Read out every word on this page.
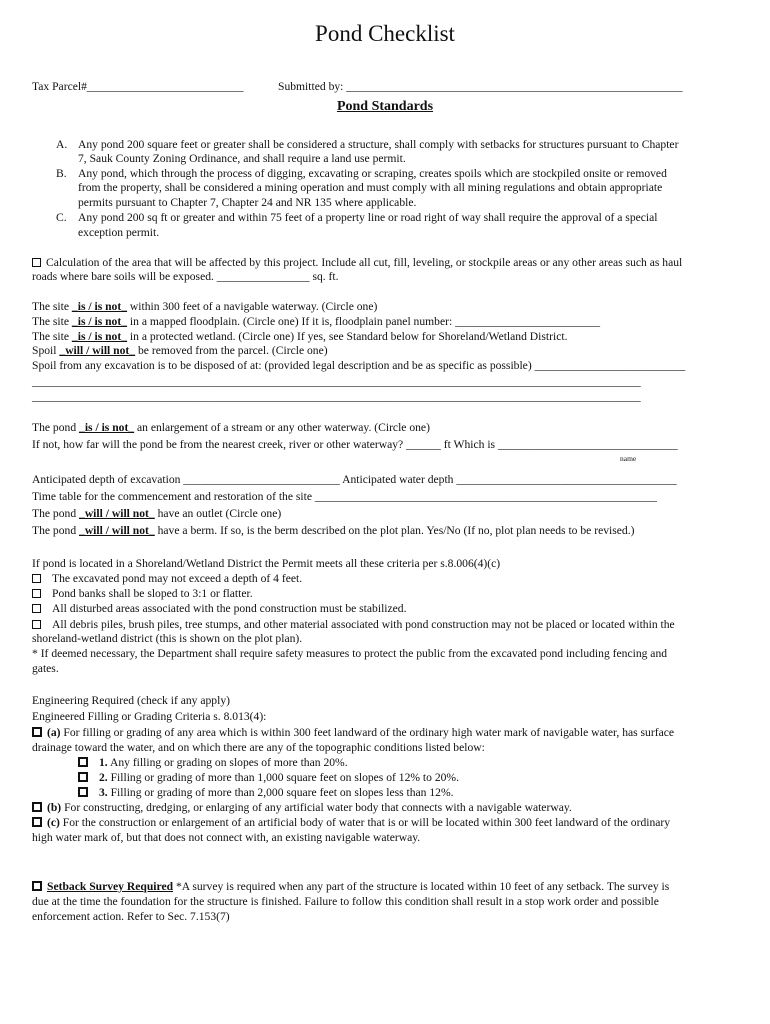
Pond Checklist
Tax Parcel#___________________________	Submitted by: __________________________________________________________
Pond Standards
A. Any pond 200 square feet or greater shall be considered a structure, shall comply with setbacks for structures pursuant to Chapter
7, Sauk County Zoning Ordinance, and shall require a land use permit.
B. Any pond, which through the process of digging, excavating or scraping, creates spoils which are stockpiled onsite or removed
from the property, shall be considered a mining operation and must comply with all mining regulations and obtain appropriate
permits pursuant to Chapter 7, Chapter 24 and NR 135 where applicable.
C. Any pond 200 sq ft or greater and within 75 feet of a property line or road right of way shall require the approval of a special
exception permit.
Calculation of the area that will be affected by this project. Include all cut, fill, leveling, or stockpile areas or any other areas such as haul
roads where bare soils will be exposed. ________________ sq. ft.
The site _is / is not_ within 300 feet of a navigable waterway. (Circle one)
The site _is / is not_ in a mapped floodplain. (Circle one) If it is, floodplain panel number: _________________________
The site _is / is not_ in a protected wetland. (Circle one) If yes, see Standard below for Shoreland/Wetland District.
Spoil _will / will not_ be removed from the parcel. (Circle one)
Spoil from any excavation is to be disposed of at: (provided legal description and be as specific as possible) __________________________
_________________________________________________________________________________________________________
_________________________________________________________________________________________________________
The pond _is / is not_ an enlargement of a stream or any other waterway. (Circle one)
If not, how far will the pond be from the nearest creek, river or other waterway? ______ ft Which is _______________________________
name
Anticipated depth of excavation ___________________________ Anticipated water depth ______________________________________
Time table for the commencement and restoration of the site ___________________________________________________________
The pond _will / will not_ have an outlet (Circle one)
The pond _will / will not_ have a berm. If so, is the berm described on the plot plan. Yes/No (If no, plot plan needs to be revised.)
If pond is located in a Shoreland/Wetland District the Permit meets all these criteria per s.8.006(4)(c)
The excavated pond may not exceed a depth of 4 feet.
Pond banks shall be sloped to 3:1 or flatter.
All disturbed areas associated with the pond construction must be stabilized.
All debris piles, brush piles, tree stumps, and other material associated with pond construction may not be placed or located within the
shoreland-wetland district (this is shown on the plot plan).
* If deemed necessary, the Department shall require safety measures to protect the public from the excavated pond including fencing and
gates.
Engineering Required (check if any apply)
Engineered Filling or Grading Criteria s. 8.013(4):
(a) For filling or grading of any area which is within 300 feet landward of the ordinary high water mark of navigable water, has surface
drainage toward the water, and on which there are any of the topographic conditions listed below:
1. Any filling or grading on slopes of more than 20%.
2. Filling or grading of more than 1,000 square feet on slopes of 12% to 20%.
3. Filling or grading of more than 2,000 square feet on slopes less than 12%.
(b) For constructing, dredging, or enlarging of any artificial water body that connects with a navigable waterway.
(c) For the construction or enlargement of an artificial body of water that is or will be located within 300 feet landward of the ordinary
high water mark of, but that does not connect with, an existing navigable waterway.
Setback Survey Required *A survey is required when any part of the structure is located within 10 feet of any setback. The survey is
due at the time the foundation for the structure is finished. Failure to follow this condition shall result in a stop work order and possible
enforcement action. Refer to Sec. 7.153(7)
